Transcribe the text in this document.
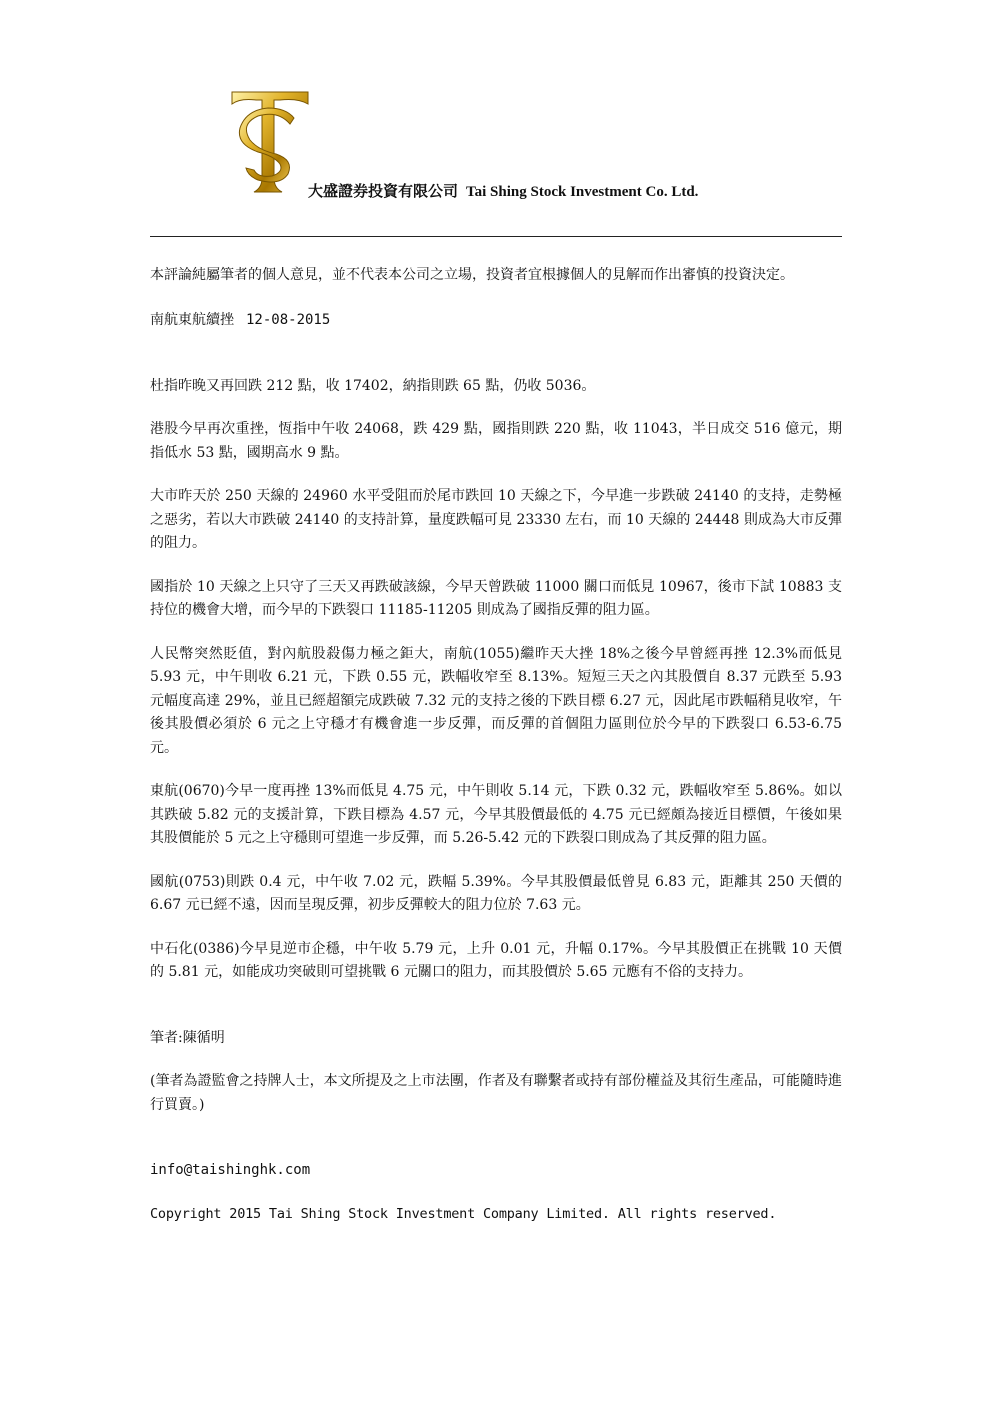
大盛證券投資有限公司 Tai Shing Stock Investment Co. Ltd.

本評論純屬筆者的個人意見，並不代表本公司之立場，投資者宜根據個人的見解而作出審慎的投資決定。

南航東航續挫 12-08-2015

杜指昨晚又再回跌 212 點，收 17402，納指則跌 65 點，仍收 5036。

港股今早再次重挫，恆指中午收 24068，跌 429 點，國指則跌 220 點，收 11043，半日成交 516 億元，期指低水 53 點，國期高水 9 點。

大市昨天於 250 天線的 24960 水平受阻而於尾市跌回 10 天線之下，今早進一步跌破 24140 的支持，走勢極之惡劣，若以大市跌破 24140 的支持計算，量度跌幅可見 23330 左右，而 10 天線的 24448 則成為大市反彈的阻力。

國指於 10 天線之上只守了三天又再跌破該線，今早天曾跌破 11000 關口而低見 10967，後市下試 10883 支持位的機會大增，而今早的下跌裂口 11185-11205 則成為了國指反彈的阻力區。

人民幣突然貶值，對內航股殺傷力極之鉅大，南航(1055)繼昨天大挫 18%之後今早曾經再挫 12.3%而低見 5.93 元，中午則收 6.21 元，下跌 0.55 元，跌幅收窄至 8.13%。短短三天之內其股價自 8.37 元跌至 5.93 元幅度高達 29%，並且已經超額完成跌破 7.32 元的支持之後的下跌目標 6.27 元，因此尾市跌幅稍見收窄，午後其股價必須於 6 元之上守穩才有機會進一步反彈，而反彈的首個阻力區則位於今早的下跌裂口 6.53-6.75 元。

東航(0670)今早一度再挫 13%而低見 4.75 元，中午則收 5.14 元，下跌 0.32 元，跌幅收窄至 5.86%。如以其跌破 5.82 元的支援計算，下跌目標為 4.57 元，今早其股價最低的 4.75 元已經頗為接近目標價，午後如果其股價能於 5 元之上守穩則可望進一步反彈，而 5.26-5.42 元的下跌裂口則成為了其反彈的阻力區。

國航(0753)則跌 0.4 元，中午收 7.02 元，跌幅 5.39%。今早其股價最低曾見 6.83 元，距離其 250 天價的 6.67 元已經不遠，因而呈現反彈，初步反彈較大的阻力位於 7.63 元。

中石化(0386)今早見逆市企穩，中午收 5.79 元，上升 0.01 元，升幅 0.17%。今早其股價正在挑戰 10 天價的 5.81 元，如能成功突破則可望挑戰 6 元關口的阻力，而其股價於 5.65 元應有不俗的支持力。

筆者:陳循明

(筆者為證監會之持牌人士，本文所提及之上市法團，作者及有聯繫者或持有部份權益及其衍生產品，可能隨時進行買賣。)

info@taishinghk.com

Copyright 2015 Tai Shing Stock Investment Company Limited. All rights reserved.
